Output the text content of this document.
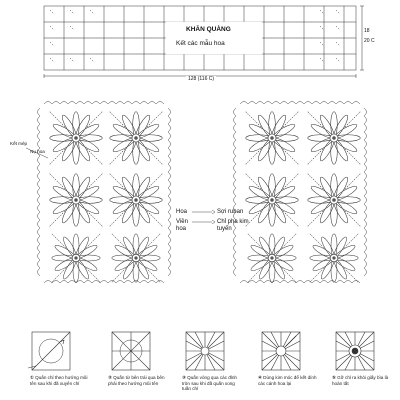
KHĂN QUÀNG
Kết các mẫu hoa
128 (116 C)
18
20 C
Kết mép
Nụ hoa
Hoa	Sợi ruban
Viền hoa
Chỉ pha kim tuyến
① Quấn chỉ theo hướng mũi tên sau khi đã xuyên chỉ
② Quấn từ bên trái qua bên phải theo hướng mũi tên
③ Quấn vòng qua các đỉnh tròn sau khi đã quấn xong tuần chỉ
④ Dùng kim móc để kết dính các cánh hoa lại
⑤ Gỡ chỉ ra khỏi giấy bìa là hoàn tất
